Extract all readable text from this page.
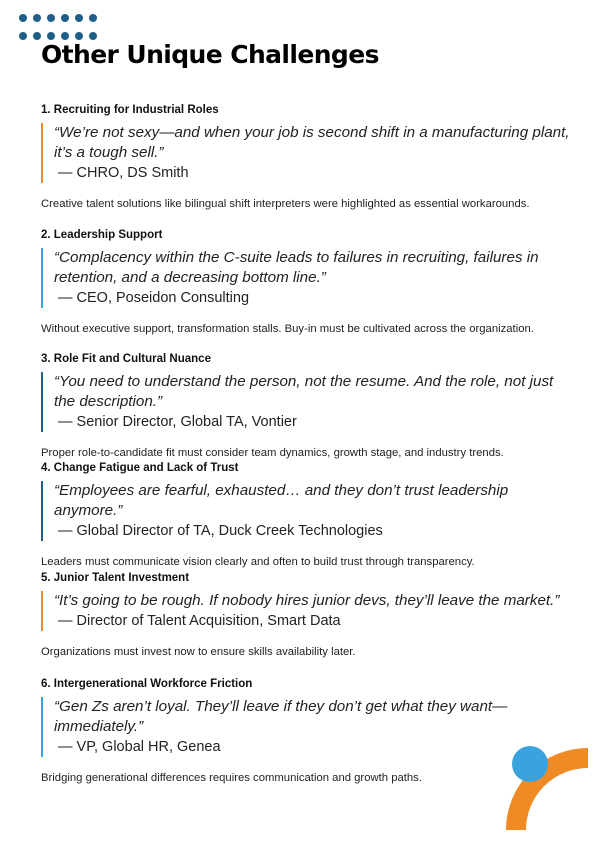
Other Unique Challenges

1. Recruiting for Industrial Roles

“We’re not sexy—and when your job is second shift in a manufacturing plant, it’s a tough sell.”

— CHRO, DS Smith

Creative talent solutions like bilingual shift interpreters were highlighted as essential workarounds.

2. Leadership Support

“Complacency within the C-suite leads to failures in recruiting, failures in retention, and a decreasing bottom line.”

— CEO, Poseidon Consulting

Without executive support, transformation stalls. Buy-in must be cultivated across the organization.

3. Role Fit and Cultural Nuance

“You need to understand the person, not the resume. And the role, not just the description.”

— Senior Director, Global TA, Vontier

Proper role-to-candidate fit must consider team dynamics, growth stage, and industry trends.

4. Change Fatigue and Lack of Trust

“Employees are fearful, exhausted… and they don’t trust leadership anymore.”

— Global Director of TA, Duck Creek Technologies

Leaders must communicate vision clearly and often to build trust through transparency.

5. Junior Talent Investment

“It’s going to be rough. If nobody hires junior devs, they’ll leave the market.”

— Director of Talent Acquisition, Smart Data

Organizations must invest now to ensure skills availability later.

6. Intergenerational Workforce Friction

“Gen Zs aren’t loyal. They’ll leave if they don’t get what they want—immediately.”

— VP, Global HR, Genea

Bridging generational differences requires communication and growth paths.
